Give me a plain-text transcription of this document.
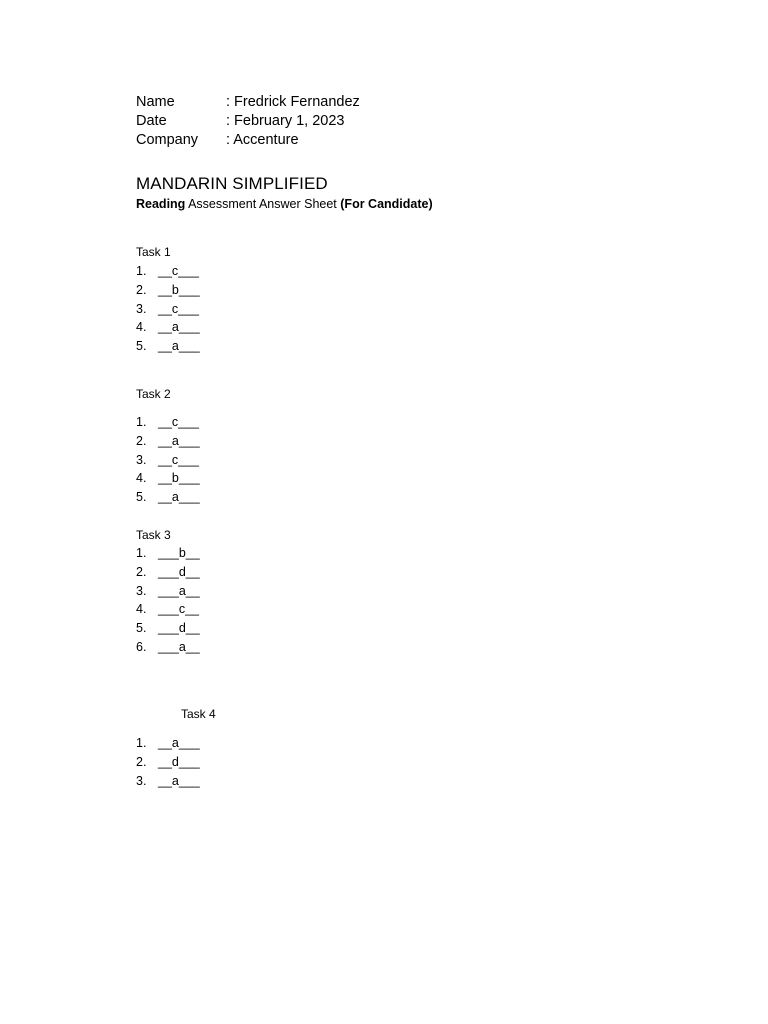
Name	: Fredrick Fernandez
Date	: February 1, 2023
Company	: Accenture
MANDARIN SIMPLIFIED
Reading Assessment Answer Sheet (For Candidate)
Task 1
1. __c___
2. __b___
3. __c___
4. __a___
5. __a___
Task 2
1. __c___
2. __a___
3. __c___
4. __b___
5. __a___
Task 3
1. ___b__
2. ___d__
3. ___a__
4. ___c__
5. ___d__
6. ___a__
Task 4
1. __a___
2. __d___
3. __a___
